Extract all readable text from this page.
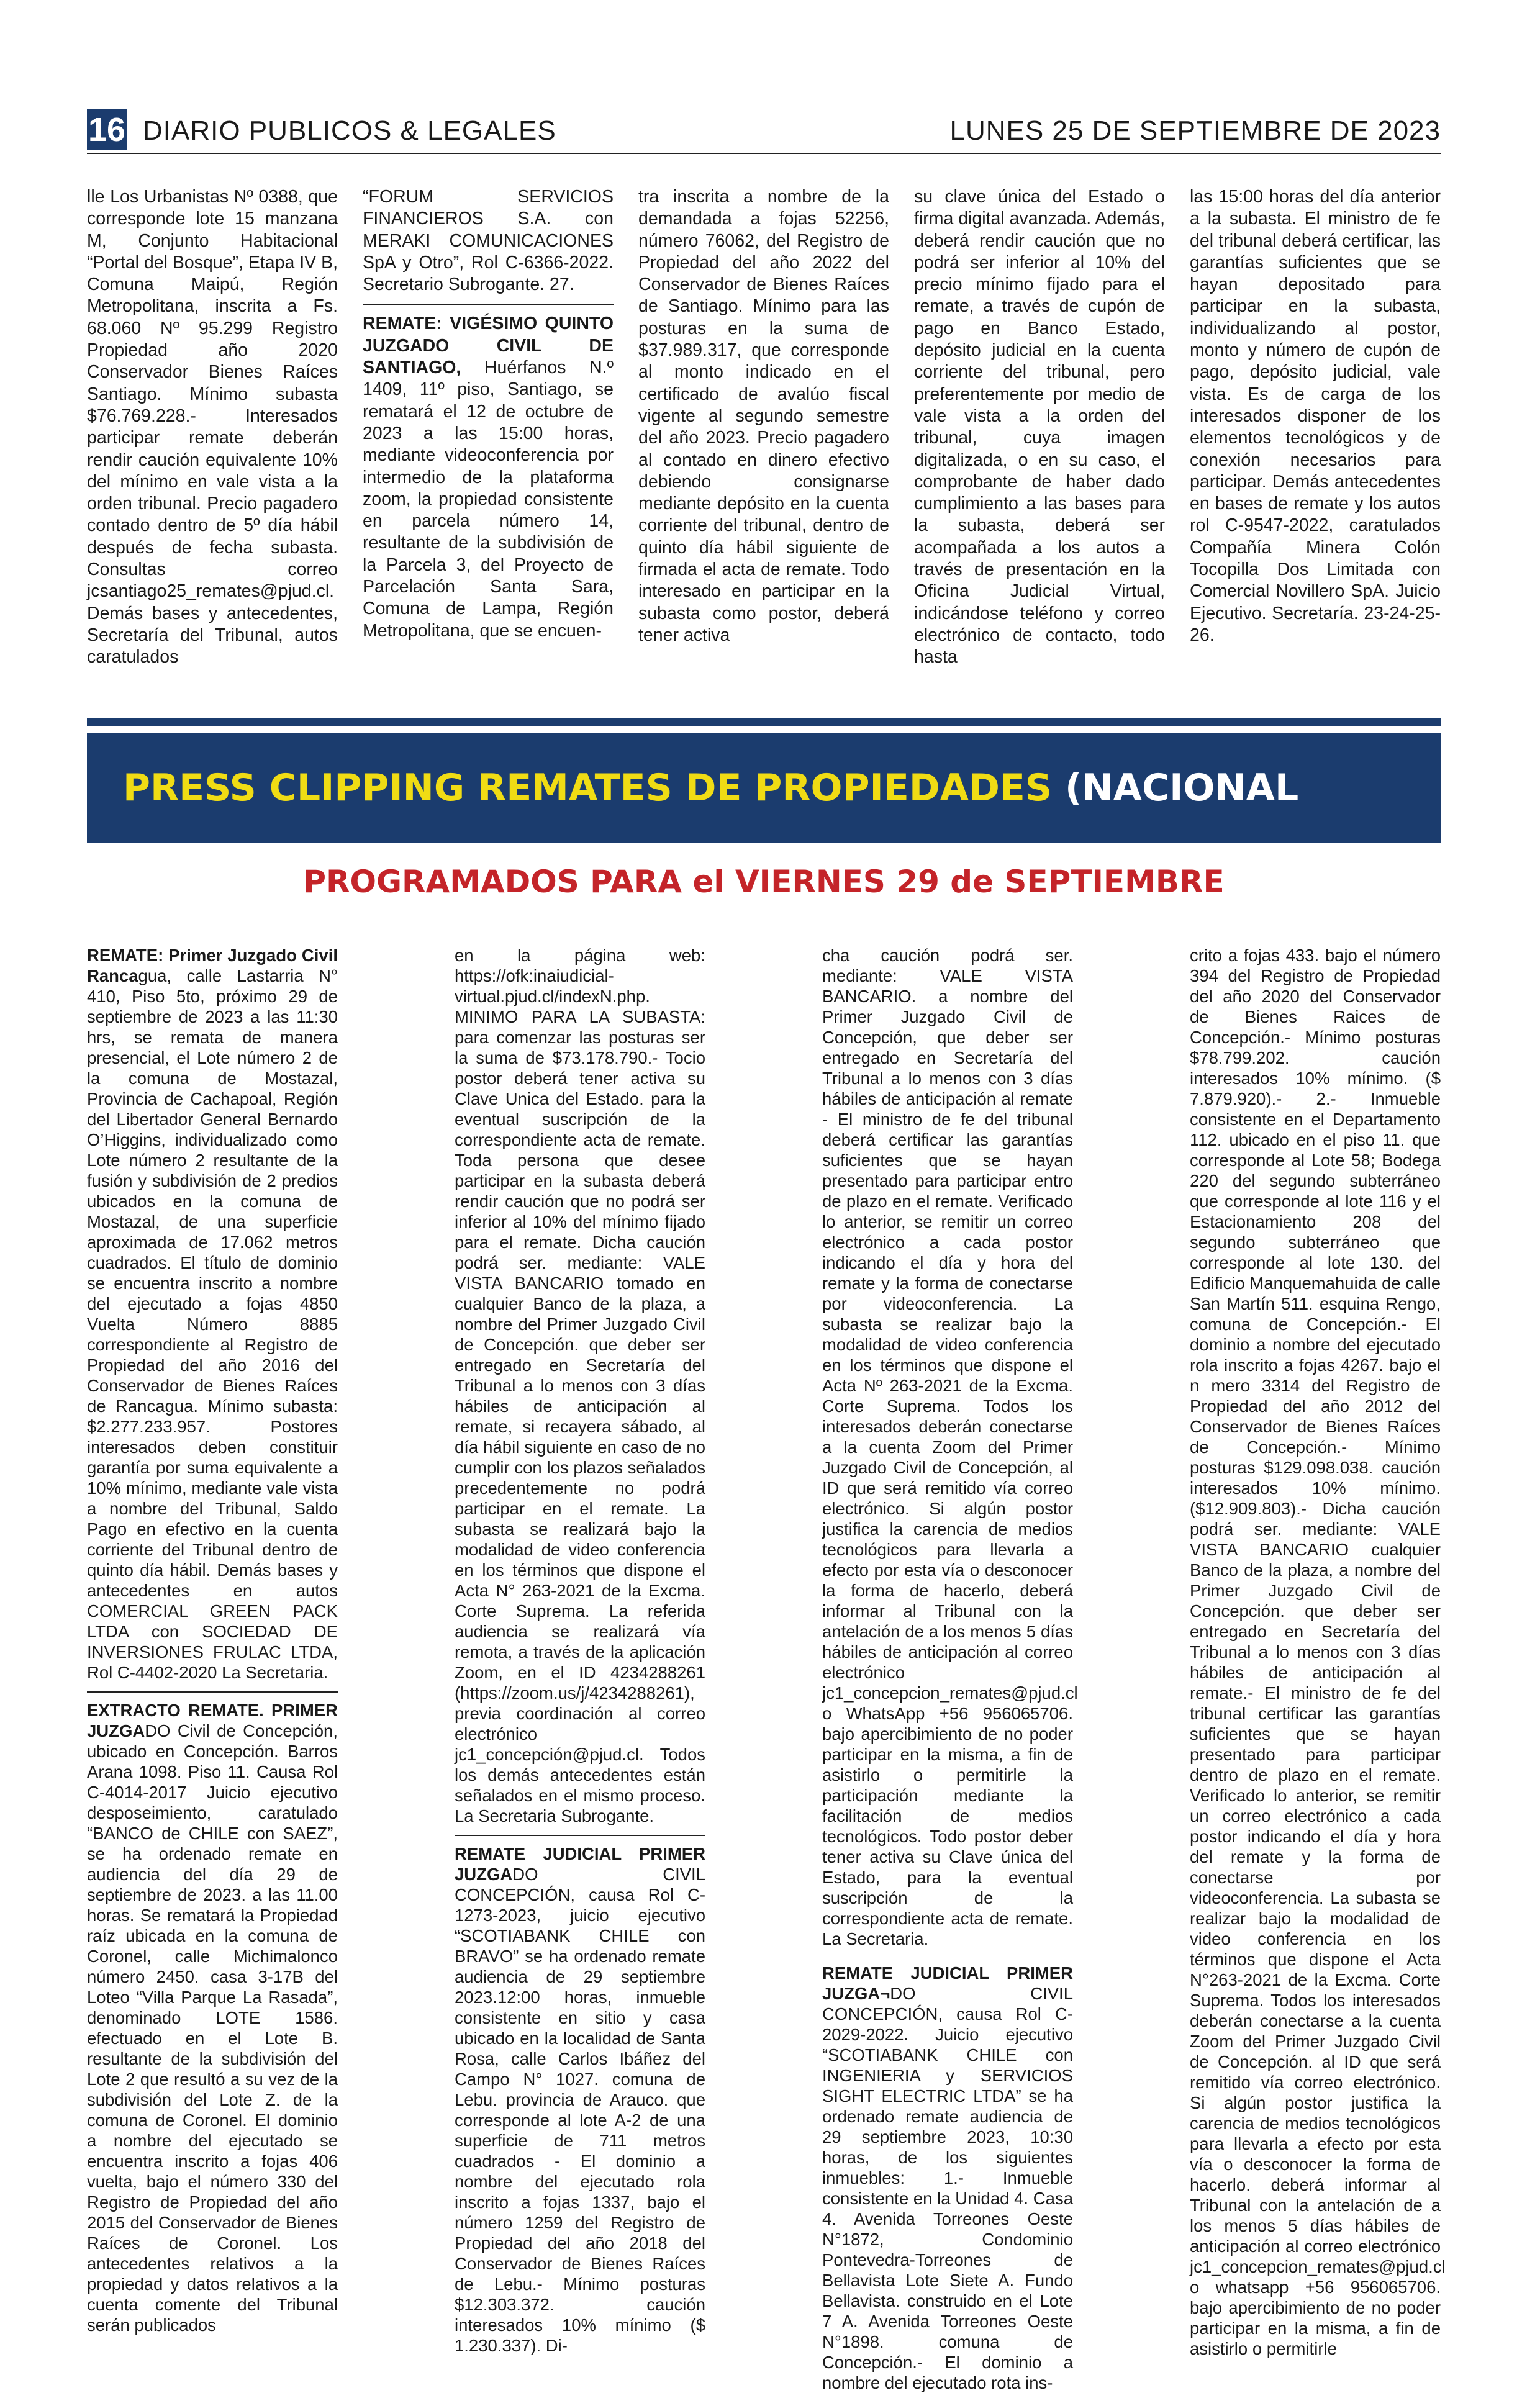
16 DIARIO PUBLICOS & LEGALES	LUNES 25 DE SEPTIEMBRE DE 2023

lle Los Urbanistas Nº 0388, que corresponde lote 15 manzana M, Conjunto Habitacional “Portal del Bosque”, Etapa IV B, Comuna Maipú, Región Metropolitana, inscrita a Fs. 68.060 Nº 95.299 Registro Propiedad año 2020 Conservador Bienes Raíces Santiago. Mínimo subasta $76.769.228.- Interesados participar remate deberán rendir caución equivalente 10% del mínimo en vale vista a la orden tribunal. Precio pagadero contado dentro de 5º día hábil después de fecha subasta. Consultas correo jcsantiago25_remates@pjud.cl. Demás bases y antecedentes, Secretaría del Tribunal, autos caratulados

“FORUM SERVICIOS FINANCIEROS S.A. con MERAKI COMUNICACIONES SpA y Otro”, Rol C-6366-2022. Secretario Subrogante. 27.

REMATE: VIGÉSIMO QUINTO JUZGADO CIVIL DE SANTIAGO, Huérfanos N.º 1409, 11º piso, Santiago, se rematará el 12 de octubre de 2023 a las 15:00 horas, mediante videoconferencia por intermedio de la plataforma zoom, la propiedad consistente en parcela número 14, resultante de la subdivisión de la Parcela 3, del Proyecto de Parcelación Santa Sara, Comuna de Lampa, Región Metropolitana, que se encuen-

tra inscrita a nombre de la demandada a fojas 52256, número 76062, del Registro de Propiedad del año 2022 del Conservador de Bienes Raíces de Santiago. Mínimo para las posturas en la suma de $37.989.317, que corresponde al monto indicado en el certificado de avalúo fiscal vigente al segundo semestre del año 2023. Precio pagadero al contado en dinero efectivo debiendo consignarse mediante depósito en la cuenta corriente del tribunal, dentro de quinto día hábil siguiente de firmada el acta de remate. Todo interesado en participar en la subasta como postor, deberá tener activa

su clave única del Estado o firma digital avanzada. Además, deberá rendir caución que no podrá ser inferior al 10% del precio mínimo fijado para el remate, a través de cupón de pago en Banco Estado, depósito judicial en la cuenta corriente del tribunal, pero preferentemente por medio de vale vista a la orden del tribunal, cuya imagen digitalizada, o en su caso, el comprobante de haber dado cumplimiento a las bases para la subasta, deberá ser acompañada a los autos a través de presentación en la Oficina Judicial Virtual, indicándose teléfono y correo electrónico de contacto, todo hasta

las 15:00 horas del día anterior a la subasta. El ministro de fe del tribunal deberá certificar, las garantías suficientes que se hayan depositado para participar en la subasta, individualizando al postor, monto y número de cupón de pago, depósito judicial, vale vista. Es de carga de los interesados disponer de los elementos tecnológicos y de conexión necesarios para participar. Demás antecedentes en bases de remate y los autos rol C-9547-2022, caratulados Compañía Minera Colón Tocopilla Dos Limitada con Comercial Novillero SpA. Juicio Ejecutivo. Secretaría. 23-24-25-26.

PRESS CLIPPING REMATES DE PROPIEDADES (NACIONAL
PROGRAMADOS PARA el VIERNES 29 de SEPTIEMBRE

REMATE: Primer Juzgado Civil Rancagua, calle Lastarria N° 410, Piso 5to, próximo 29 de septiembre de 2023 a las 11:30 hrs, se remata de manera presencial, el Lote número 2 de la comuna de Mostazal, Provincia de Cachapoal, Región del Libertador General Bernardo O’Higgins, individualizado como Lote número 2 resultante de la fusión y subdivisión de 2 predios ubicados en la comuna de Mostazal, de una superficie aproximada de 17.062 metros cuadrados. El título de dominio se encuentra inscrito a nombre del ejecutado a fojas 4850 Vuelta Número 8885 correspondiente al Registro de Propiedad del año 2016 del Conservador de Bienes Raíces de Rancagua. Mínimo subasta: $2.277.233.957. Postores interesados deben constituir garantía por suma equivalente a 10% mínimo, mediante vale vista a nombre del Tribunal, Saldo Pago en efectivo en la cuenta corriente del Tribunal dentro de quinto día hábil. Demás bases y antecedentes en autos COMERCIAL GREEN PACK LTDA con SOCIEDAD DE INVERSIONES FRULAC LTDA, Rol C-4402-2020 La Secretaria.

EXTRACTO REMATE. PRIMER JUZGADO Civil de Concepción, ubicado en Concepción. Barros Arana 1098. Piso 11. Causa Rol C-4014-2017 Juicio ejecutivo desposeimiento, caratulado “BANCO de CHILE con SAEZ”, se ha ordenado remate en audiencia del día 29 de septiembre de 2023. a las 11.00 horas. Se rematará la Propiedad raíz ubicada en la comuna de Coronel, calle Michimalonco número 2450. casa 3-17B del Loteo “Villa Parque La Rasada”, denominado LOTE 1586. efectuado en el Lote B. resultante de la subdivisión del Lote 2 que resultó a su vez de la subdivisión del Lote Z. de la comuna de Coronel. El dominio a nombre del ejecutado se encuentra inscrito a fojas 406 vuelta, bajo el número 330 del Registro de Propiedad del año 2015 del Conservador de Bienes Raíces de Coronel. Los antecedentes relativos a la propiedad y datos relativos a la cuenta comente del Tribunal serán publicados

en la página web: https://ofk:inaiudicial-virtual.pjud.cl/indexN.php. MINIMO PARA LA SUBASTA: para comenzar las posturas ser la suma de $73.178.790.- Tocio postor deberá tener activa su Clave Unica del Estado. para la eventual suscripción de la correspondiente acta de remate. Toda persona que desee participar en la subasta deberá rendir caución que no podrá ser inferior al 10% del mínimo fijado para el remate. Dicha caución podrá ser. mediante: VALE VISTA BANCARIO tomado en cualquier Banco de la plaza, a nombre del Primer Juzgado Civil de Concepción. que deber ser entregado en Secretaría del Tribunal a lo menos con 3 días hábiles de anticipación al remate, si recayera sábado, al día hábil siguiente en caso de no cumplir con los plazos señalados precedentemente no podrá participar en el remate. La subasta se realizará bajo la modalidad de video conferencia en los términos que dispone el Acta N° 263-2021 de la Excma. Corte Suprema. La referida audiencia se realizará vía remota, a través de la aplicación Zoom, en el ID 4234288261 (https://zoom.us/j/4234288261), previa coordinación al correo electrónico jc1_concepción@pjud.cl. Todos los demás antecedentes están señalados en el mismo proceso. La Secretaria Subrogante.

REMATE JUDICIAL PRIMER JUZGADO CIVIL CONCEPCIÓN, causa Rol C-1273-2023, juicio ejecutivo “SCOTIABANK CHILE con BRAVO” se ha ordenado remate audiencia de 29 septiembre 2023.12:00 horas, inmueble consistente en sitio y casa ubicado en la localidad de Santa Rosa, calle Carlos Ibáñez del Campo N° 1027. comuna de Lebu. provincia de Arauco. que corresponde al lote A-2 de una superficie de 711 metros cuadrados - El dominio a nombre del ejecutado rola inscrito a fojas 1337, bajo el número 1259 del Registro de Propiedad del año 2018 del Conservador de Bienes Raíces de Lebu.- Mínimo posturas $12.303.372. caución interesados 10% mínimo ($ 1.230.337). Di-

cha caución podrá ser. mediante: VALE VISTA BANCARIO. a nombre del Primer Juzgado Civil de Concepción, que deber ser entregado en Secretaría del Tribunal a lo menos con 3 días hábiles de anticipación al remate - El ministro de fe del tribunal deberá certificar las garantías suficientes que se hayan presentado para participar entro de plazo en el remate. Verificado lo anterior, se remitir un correo electrónico a cada postor indicando el día y hora del remate y la forma de conectarse por videoconferencia. La subasta se realizar bajo la modalidad de video conferencia en los términos que dispone el Acta Nº 263-2021 de la Excma. Corte Suprema. Todos los interesados deberán conectarse a la cuenta Zoom del Primer Juzgado Civil de Concepción, al ID que será remitido vía correo electrónico. Si algún postor justifica la carencia de medios tecnológicos para llevarla a efecto por esta vía o desconocer la forma de hacerlo, deberá informar al Tribunal con la antelación de a los menos 5 días hábiles de anticipación al correo electrónico jc1_concepcion_remates@pjud.cl o WhatsApp +56 956065706. bajo apercibimiento de no poder participar en la misma, a fin de asistirlo o permitirle la participación mediante la facilitación de medios tecnológicos. Todo postor deber tener activa su Clave única del Estado, para la eventual suscripción de la correspondiente acta de remate. La Secretaria.

REMATE JUDICIAL PRIMER JUZGA¬DO CIVIL CONCEPCIÓN, causa Rol C- 2029-2022. Juicio ejecutivo “SCOTIABANK CHILE con INGENIERIA y SERVICIOS SIGHT ELECTRIC LTDA” se ha ordenado remate audiencia de 29 septiembre 2023, 10:30 horas, de los siguientes inmuebles: 1.- Inmueble consistente en la Unidad 4. Casa 4. Avenida Torreones Oeste N°1872, Condominio Pontevedra-Torreones de Bellavista Lote Siete A. Fundo Bellavista. construido en el Lote 7 A. Avenida Torreones Oeste N°1898. comuna de Concepción.- El dominio a nombre del ejecutado rota ins-

crito a fojas 433. bajo el número 394 del Registro de Propiedad del año 2020 del Conservador de Bienes Raices de Concepción.- Mínimo posturas $78.799.202. caución interesados 10% mínimo. ($ 7.879.920).- 2.- Inmueble consistente en el Departamento 112. ubicado en el piso 11. que corresponde al Lote 58; Bodega 220 del segundo subterráneo que corresponde al lote 116 y el Estacionamiento 208 del segundo subterráneo que corresponde al lote 130. del Edificio Manquemahuida de calle San Martín 511. esquina Rengo, comuna de Concepción.- El dominio a nombre del ejecutado rola inscrito a fojas 4267. bajo el n mero 3314 del Registro de Propiedad del año 2012 del Conservador de Bienes Raíces de Concepción.- Mínimo posturas $129.098.038. caución interesados 10% mínimo. ($12.909.803).- Dicha caución podrá ser. mediante: VALE VISTA BANCARIO cualquier Banco de la plaza, a nombre del Primer Juzgado Civil de Concepción. que deber ser entregado en Secretaría del Tribunal a lo menos con 3 días hábiles de anticipación al remate.- El ministro de fe del tribunal certificar las garantías suficientes que se hayan presentado para participar dentro de plazo en el remate. Verificado lo anterior, se remitir un correo electrónico a cada postor indicando el día y hora del remate y la forma de conectarse por videoconferencia. La subasta se realizar bajo la modalidad de video conferencia en los términos que dispone el Acta N°263-2021 de la Excma. Corte Suprema. Todos los interesados deberán conectarse a la cuenta Zoom del Primer Juzgado Civil de Concepción. al ID que será remitido vía correo electrónico. Si algún postor justifica la carencia de medios tecnológicos para llevarla a efecto por esta vía o desconocer la forma de hacerlo. deberá informar al Tribunal con la antelación de a los menos 5 días hábiles de anticipación al correo electrónico jc1_concepcion_remates@pjud.cl o whatsapp +56 956065706. bajo apercibimiento de no poder participar en la misma, a fin de asistirlo o permitirle
